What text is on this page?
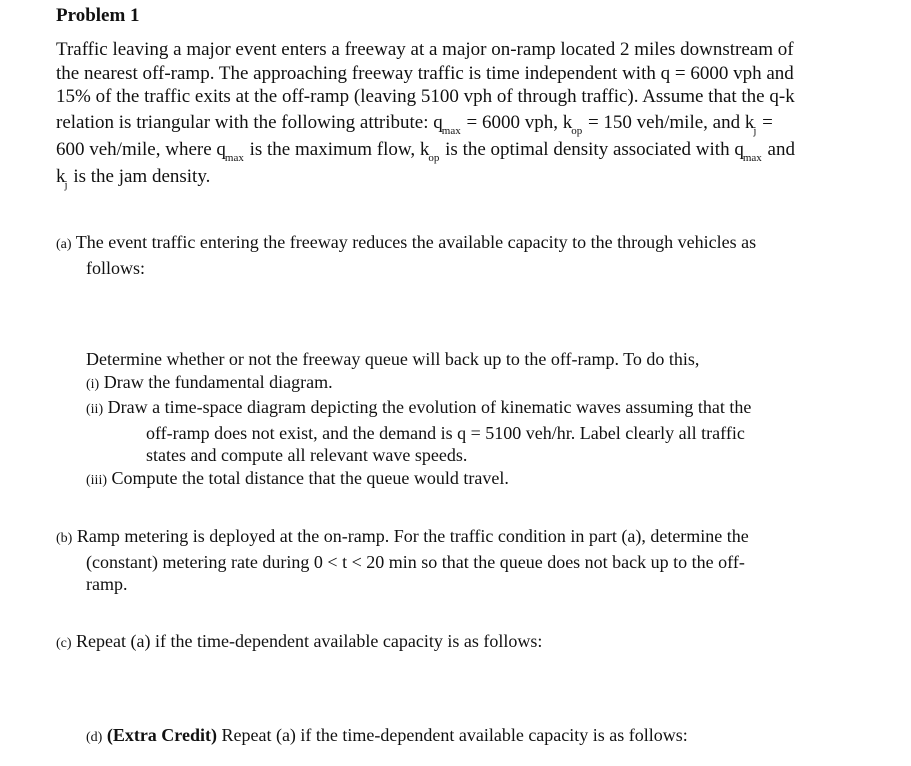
Problem 1
Traffic leaving a major event enters a freeway at a major on-ramp located 2 miles downstream of
the nearest off-ramp. The approaching freeway traffic is time independent with q = 6000 vph and
15% of the traffic exits at the off-ramp (leaving 5100 vph of through traffic). Assume that the q-k
relation is triangular with the following attribute: $q_{max} = 6000$ vph, $k_{op} = 150$ veh/mile, and $k_j$ =
600 veh/mile, where $q_{max}$ is the maximum flow, $k_{op}$ is the optimal density associated with $q_{max}$ and
$k_j$ is the jam density.
(a) The event traffic entering the freeway reduces the available capacity to the through vehicles as
follows:
Determine whether or not the freeway queue will back up to the off-ramp. To do this,
(i) Draw the fundamental diagram.
(ii) Draw a time-space diagram depicting the evolution of kinematic waves assuming that the
off-ramp does not exist, and the demand is q = 5100 veh/hr. Label clearly all traffic
states and compute all relevant wave speeds.
(iii) Compute the total distance that the queue would travel.
(b) Ramp metering is deployed at the on-ramp. For the traffic condition in part (a), determine the
(constant) metering rate during 0 < t < 20 min so that the queue does not back up to the off-
ramp.
(c) Repeat (a) if the time-dependent available capacity is as follows:
(d) (Extra Credit) Repeat (a) if the time-dependent available capacity is as follows:
